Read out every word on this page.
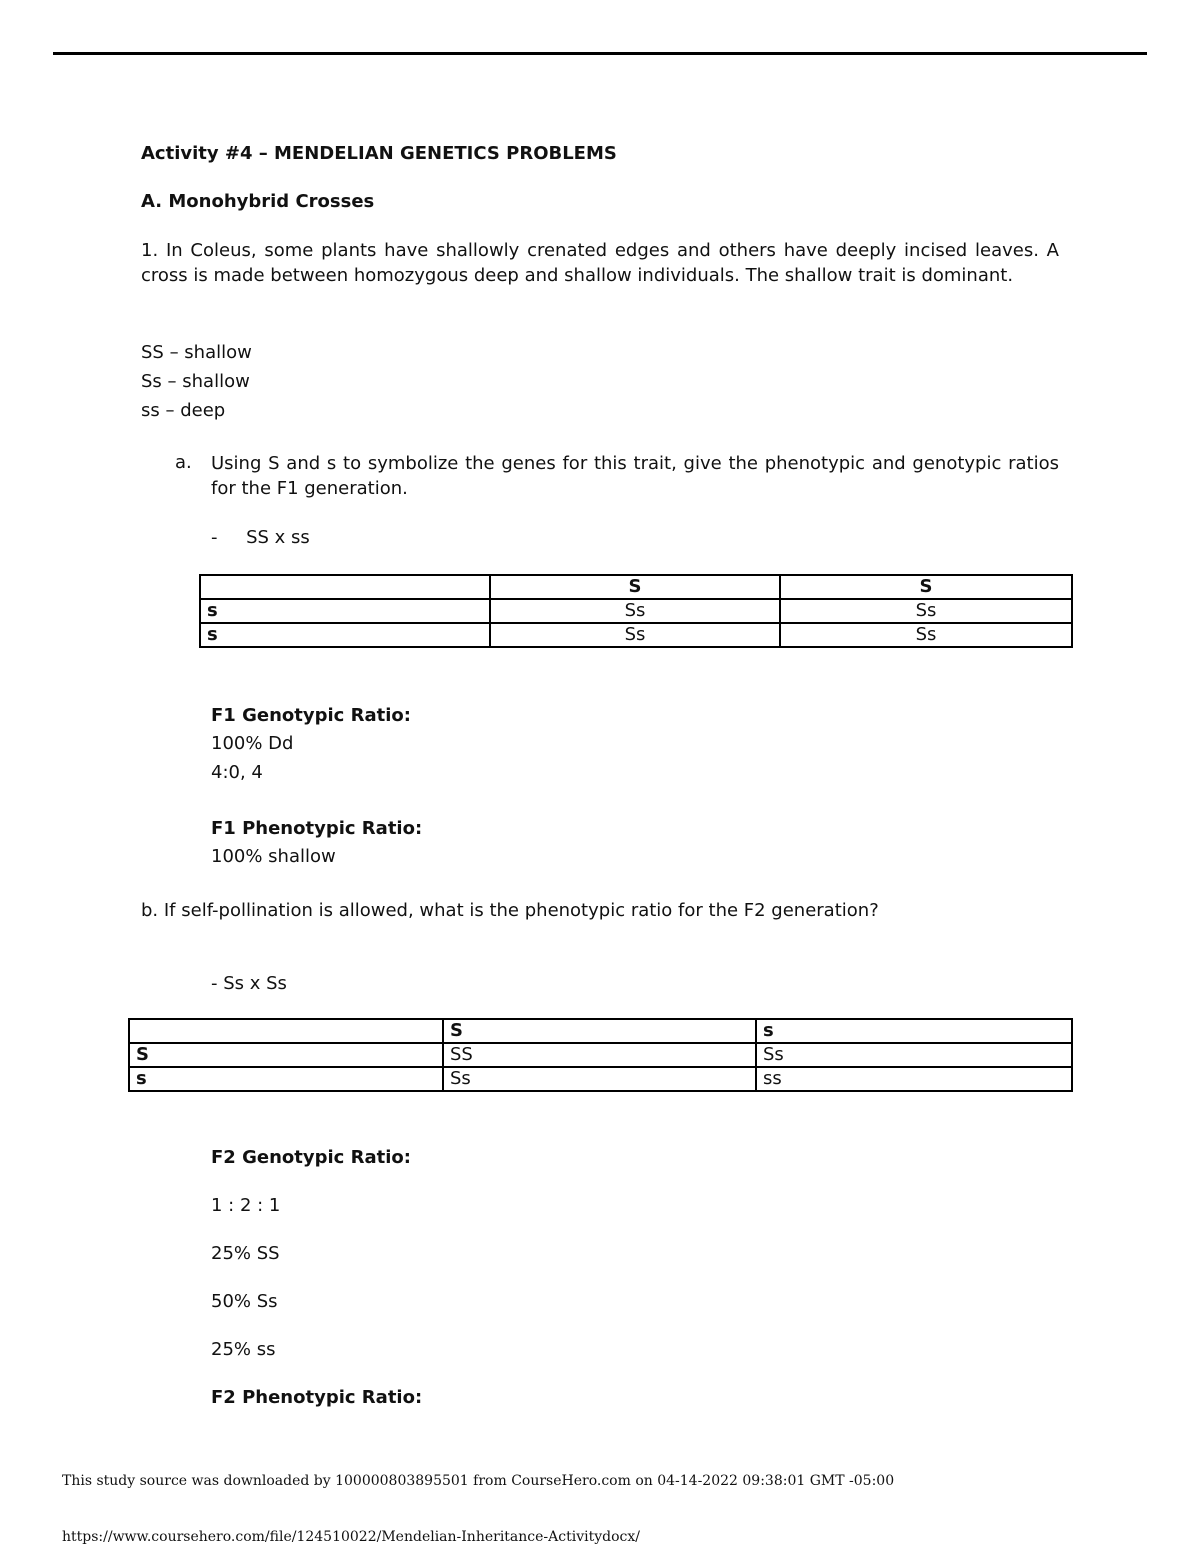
Activity #4 – MENDELIAN GENETICS PROBLEMS
A. Monohybrid Crosses
1. In Coleus, some plants have shallowly crenated edges and others have deeply incised leaves. A cross is made between homozygous deep and shallow individuals. The shallow trait is dominant.
SS – shallow
Ss – shallow
ss – deep
a. Using S and s to symbolize the genes for this trait, give the phenotypic and genotypic ratios for the F1 generation.
-     SS x ss
	S	S
s	Ss	Ss
s	Ss	Ss
F1 Genotypic Ratio:
100% Dd
4:0, 4
F1 Phenotypic Ratio:
100% shallow
b. If self-pollination is allowed, what is the phenotypic ratio for the F2 generation?
- Ss x Ss
	S	s
S	SS	Ss
s	Ss	ss
F2 Genotypic Ratio:
1 : 2 : 1
25% SS
50% Ss
25% ss
F2 Phenotypic Ratio:
This study source was downloaded by 100000803895501 from CourseHero.com on 04-14-2022 09:38:01 GMT -05:00
https://www.coursehero.com/file/124510022/Mendelian-Inheritance-Activitydocx/
